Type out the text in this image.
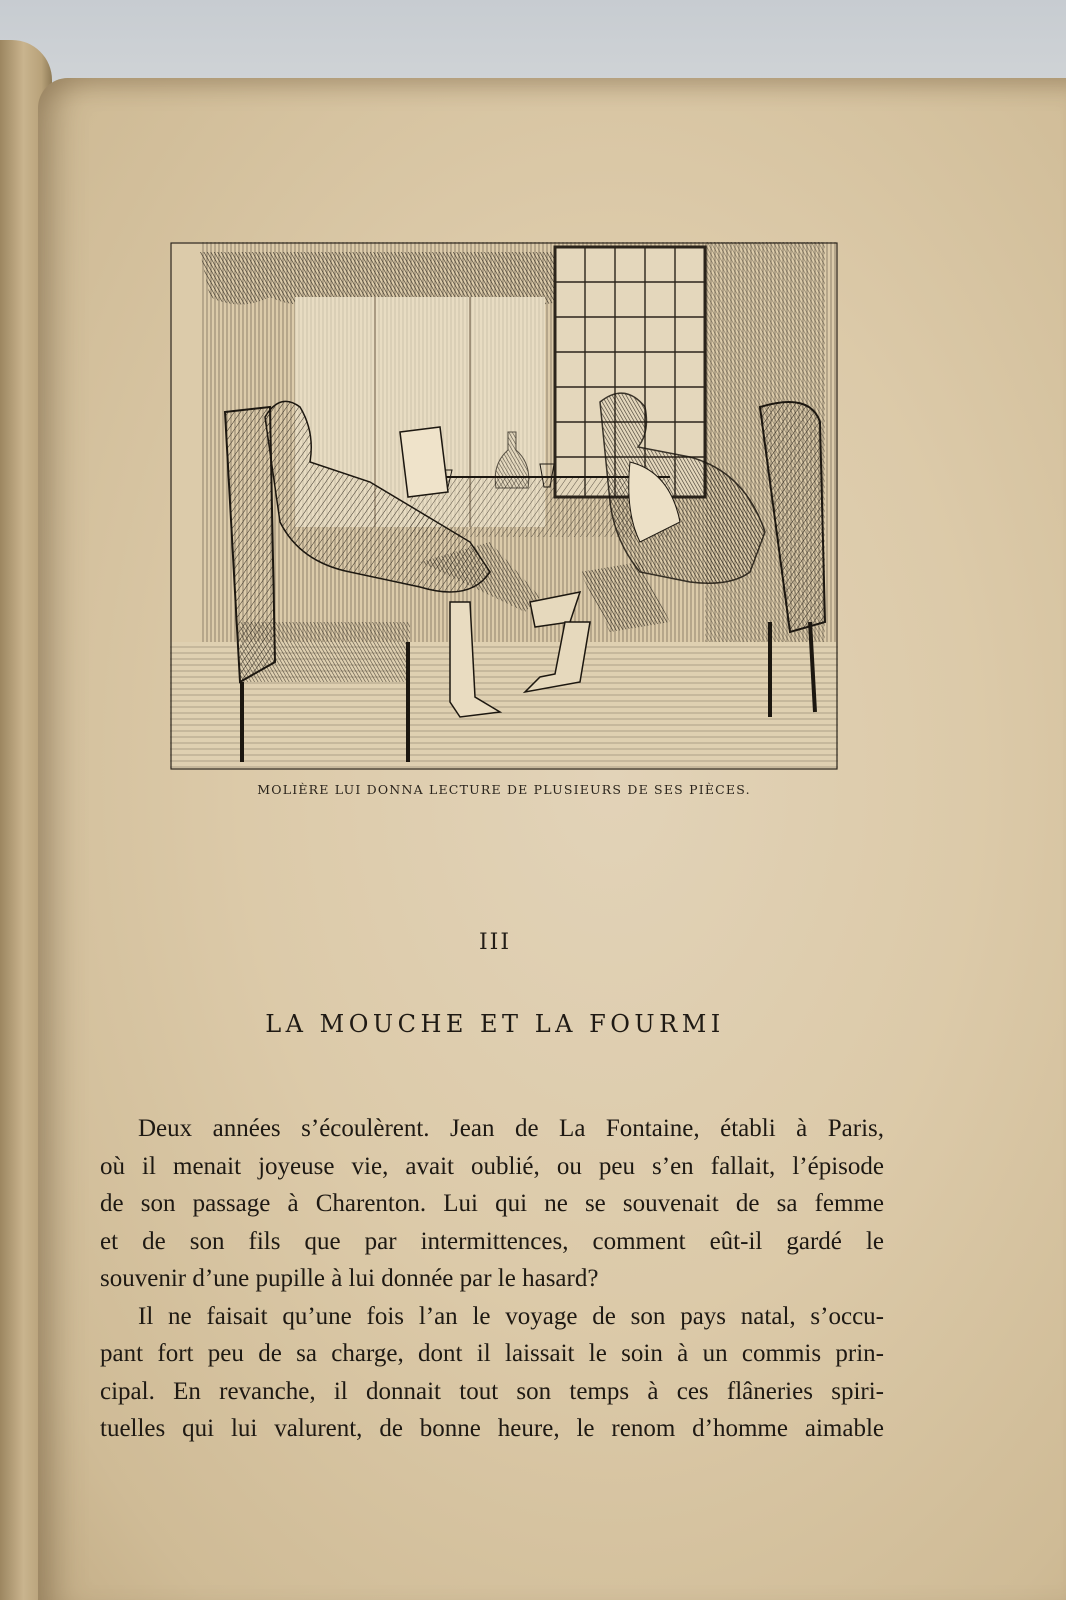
MOLIÈRE LUI DONNA LECTURE DE PLUSIEURS DE SES PIÈCES.
III
LA MOUCHE ET LA FOURMI

Deux années s’écoulèrent. Jean de La Fontaine, établi à Paris,
où il menait joyeuse vie, avait oublié, ou peu s’en fallait, l’épisode
de son passage à Charenton. Lui qui ne se souvenait de sa femme
et de son fils que par intermittences, comment eût-il gardé le
souvenir d’une pupille à lui donnée par le hasard?

Il ne faisait qu’une fois l’an le voyage de son pays natal, s’occu-
pant fort peu de sa charge, dont il laissait le soin à un commis prin-
cipal. En revanche, il donnait tout son temps à ces flâneries spiri-
tuelles qui lui valurent, de bonne heure, le renom d’homme aimable
